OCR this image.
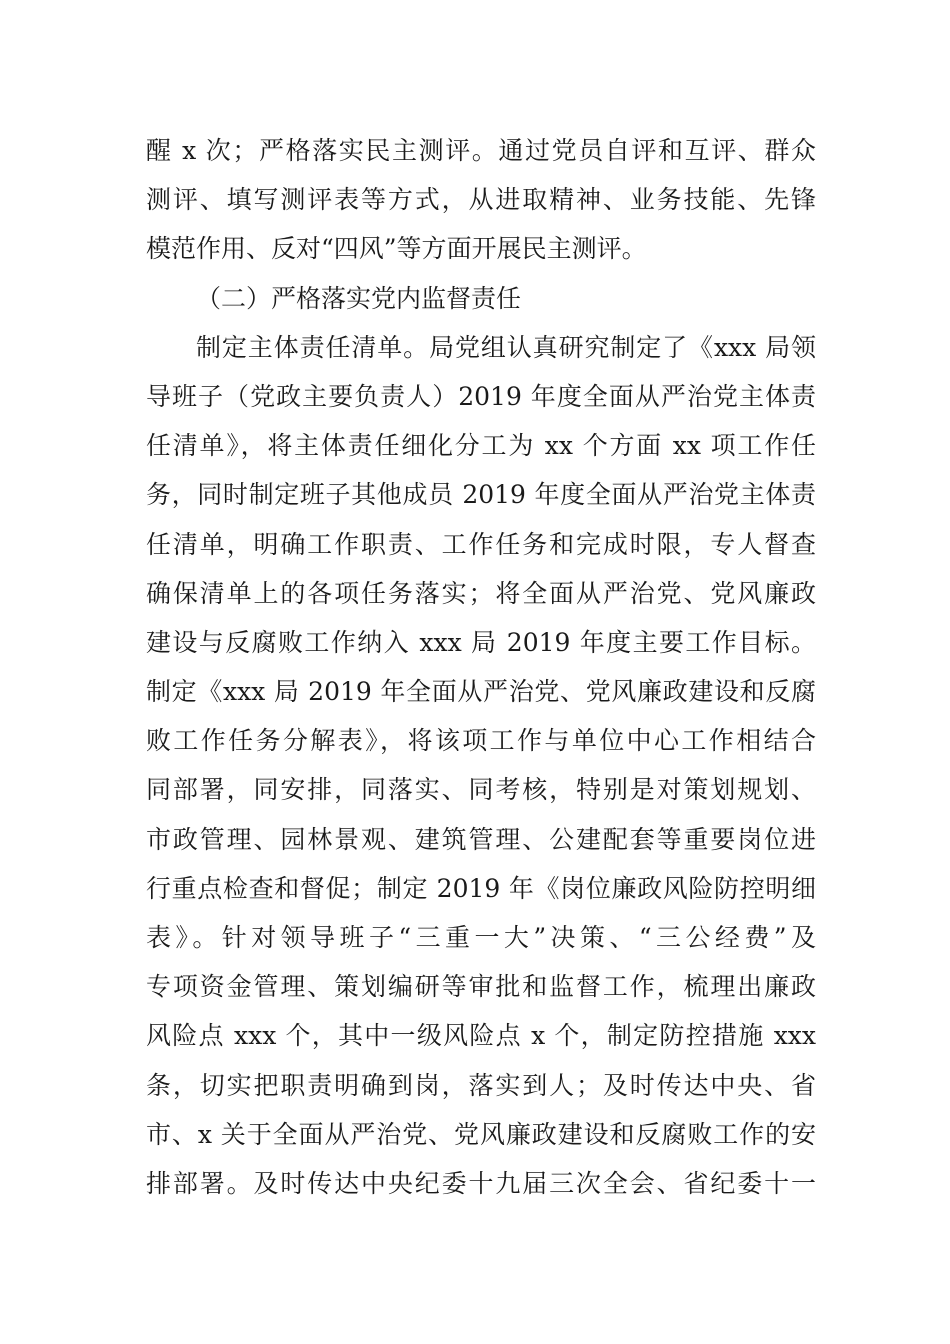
醒 x 次；严格落实民主测评。通过党员自评和互评、群众
测评、填写测评表等方式，从进取精神、业务技能、先锋
模范作用、反对“四风”等方面开展民主测评。
（二）严格落实党内监督责任
制定主体责任清单。局党组认真研究制定了《xxx 局领
导班子（党政主要负责人）2019 年度全面从严治党主体责
任清单》，将主体责任细化分工为 xx 个方面 xx 项工作任
务，同时制定班子其他成员 2019 年度全面从严治党主体责
任清单，明确工作职责、工作任务和完成时限，专人督查
确保清单上的各项任务落实；将全面从严治党、党风廉政
建设与反腐败工作纳入 xxx 局 2019 年度主要工作目标。
制定《xxx 局 2019 年全面从严治党、党风廉政建设和反腐
败工作任务分解表》，将该项工作与单位中心工作相结合
同部署，同安排，同落实、同考核，特别是对策划规划、
市政管理、园林景观、建筑管理、公建配套等重要岗位进
行重点检查和督促；制定 2019 年《岗位廉政风险防控明细
表》。针对领导班子“三重一大”决策、“三公经费”及
专项资金管理、策划编研等审批和监督工作，梳理出廉政
风险点 xxx 个，其中一级风险点 x 个，制定防控措施 xxx
条，切实把职责明确到岗，落实到人；及时传达中央、省
市、x 关于全面从严治党、党风廉政建设和反腐败工作的安
排部署。及时传达中央纪委十九届三次全会、省纪委十一
